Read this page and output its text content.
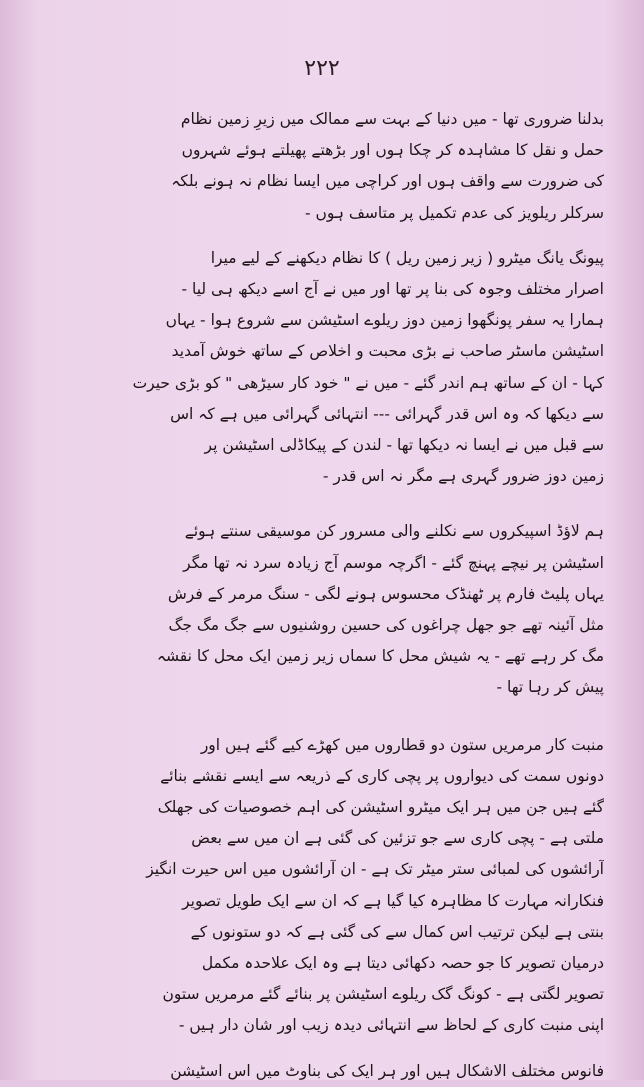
۲۲۲
بدلنا ضروری تھا - میں دنیا کے بہت سے ممالک میں زیرِ زمین نظام
حمل و نقل کا مشاہدہ کر چکا ہوں اور بڑھتے پھیلتے ہوئے شہروں
کی ضرورت سے واقف ہوں اور کراچی میں ایسا نظام نہ ہونے بلکہ
سرکلر ریلویز کی عدم تکمیل پر متاسف ہوں -
پیونگ یانگ میٹرو ( زیر زمین ریل ) کا نظام دیکھنے کے لیے میرا
اصرار مختلف وجوہ کی بنا پر تھا اور میں نے آج اسے دیکھ ہی لیا -
ہمارا یہ سفر پونگھوا زمین دوز ریلوے اسٹیشن سے شروع ہوا - یہاں
اسٹیشن ماسٹر صاحب نے بڑی محبت و اخلاص کے ساتھ خوش آمدید
کہا - ان کے ساتھ ہم اندر گئے - میں نے " خود کار سیڑھی " کو بڑی حیرت
سے دیکھا کہ وہ اس قدر گہرائی --- انتہائی گہرائی میں ہے کہ اس
سے قبل میں نے ایسا نہ دیکھا تھا - لندن کے پیکاڈلی اسٹیشن پر
زمین دوز ضرور گہری ہے مگر نہ اس قدر -
ہم لاؤڈ اسپیکروں سے نکلنے والی مسرور کن موسیقی سنتے ہوئے
اسٹیشن پر نیچے پہنچ گئے - اگرچہ موسم آج زیادہ سرد نہ تھا مگر
یہاں پلیٹ فارم پر ٹھنڈک محسوس ہونے لگی - سنگ مرمر کے فرش
مثل آئینہ تھے جو جھل چراغوں کی حسین روشنیوں سے جگ مگ جگ
مگ کر رہے تھے - یہ شیش محل کا سماں زیر زمین ایک محل کا نقشہ
پیش کر رہا تھا -
منبت کار مرمریں ستون دو قطاروں میں کھڑے کیے گئے ہیں اور
دونوں سمت کی دیواروں پر پچی کاری کے ذریعہ سے ایسے نقشے بنائے
گئے ہیں جن میں ہر ایک میٹرو اسٹیشن کی اہم خصوصیات کی جھلک
ملتی ہے - پچی کاری سے جو تزئین کی گئی ہے ان میں سے بعض
آرائشوں کی لمبائی ستر میٹر تک ہے - ان آرائشوں میں اس حیرت انگیز
فنکارانہ مہارت کا مظاہرہ کیا گیا ہے کہ ان سے ایک طویل تصویر
بنتی ہے لیکن ترتیب اس کمال سے کی گئی ہے کہ دو ستونوں کے
درمیان تصویر کا جو حصہ دکھائی دیتا ہے وہ ایک علاحدہ مکمل
تصویر لگتی ہے - کونگ گک ریلوے اسٹیشن پر بنائے گئے مرمریں ستون
اپنی منبت کاری کے لحاظ سے انتہائی دیدہ زیب اور شان دار ہیں -
فانوس مختلف الاشکال ہیں اور ہر ایک کی بناوٹ میں اس اسٹیشن
